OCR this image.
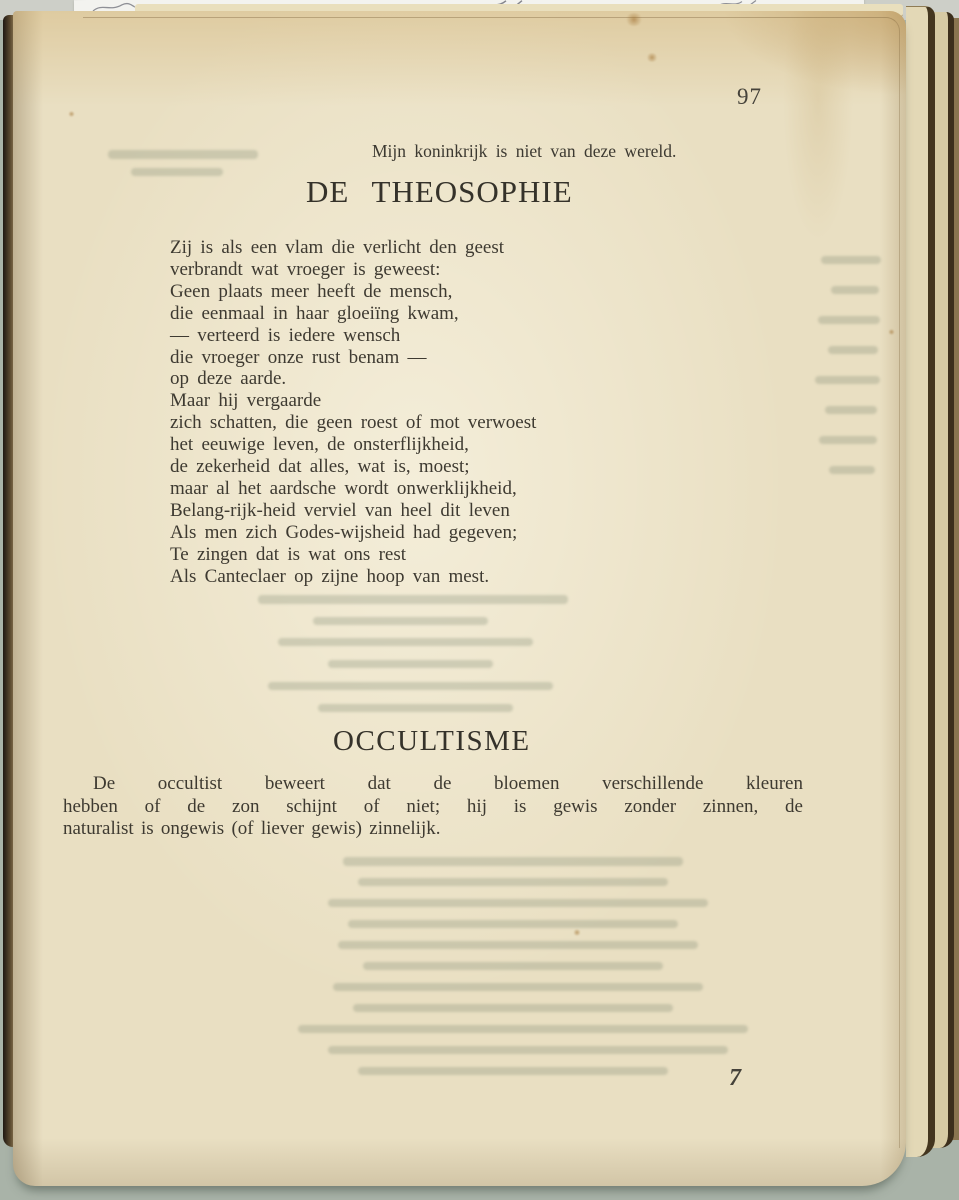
97
Mijn koninkrijk is niet van deze wereld.
DE THEOSOPHIE
Zij is als een vlam die verlicht den geest
verbrandt wat vroeger is geweest:
Geen plaats meer heeft de mensch,
die eenmaal in haar gloeiïng kwam,
— verteerd is iedere wensch
die vroeger onze rust benam —
op deze aarde.
Maar hij vergaarde
zich schatten, die geen roest of mot verwoest
het eeuwige leven, de onsterflijkheid,
de zekerheid dat alles, wat is, moest;
maar al het aardsche wordt onwerklijkheid,
Belang-rijk-heid verviel van heel dit leven
Als men zich Godes-wijsheid had gegeven;
Te zingen dat is wat ons rest
Als Canteclaer op zijne hoop van mest.
OCCULTISME
De occultist beweert dat de bloemen verschillende kleuren
hebben of de zon schijnt of niet; hij is gewis zonder zinnen, de
naturalist is ongewis (of liever gewis) zinnelijk.
7
